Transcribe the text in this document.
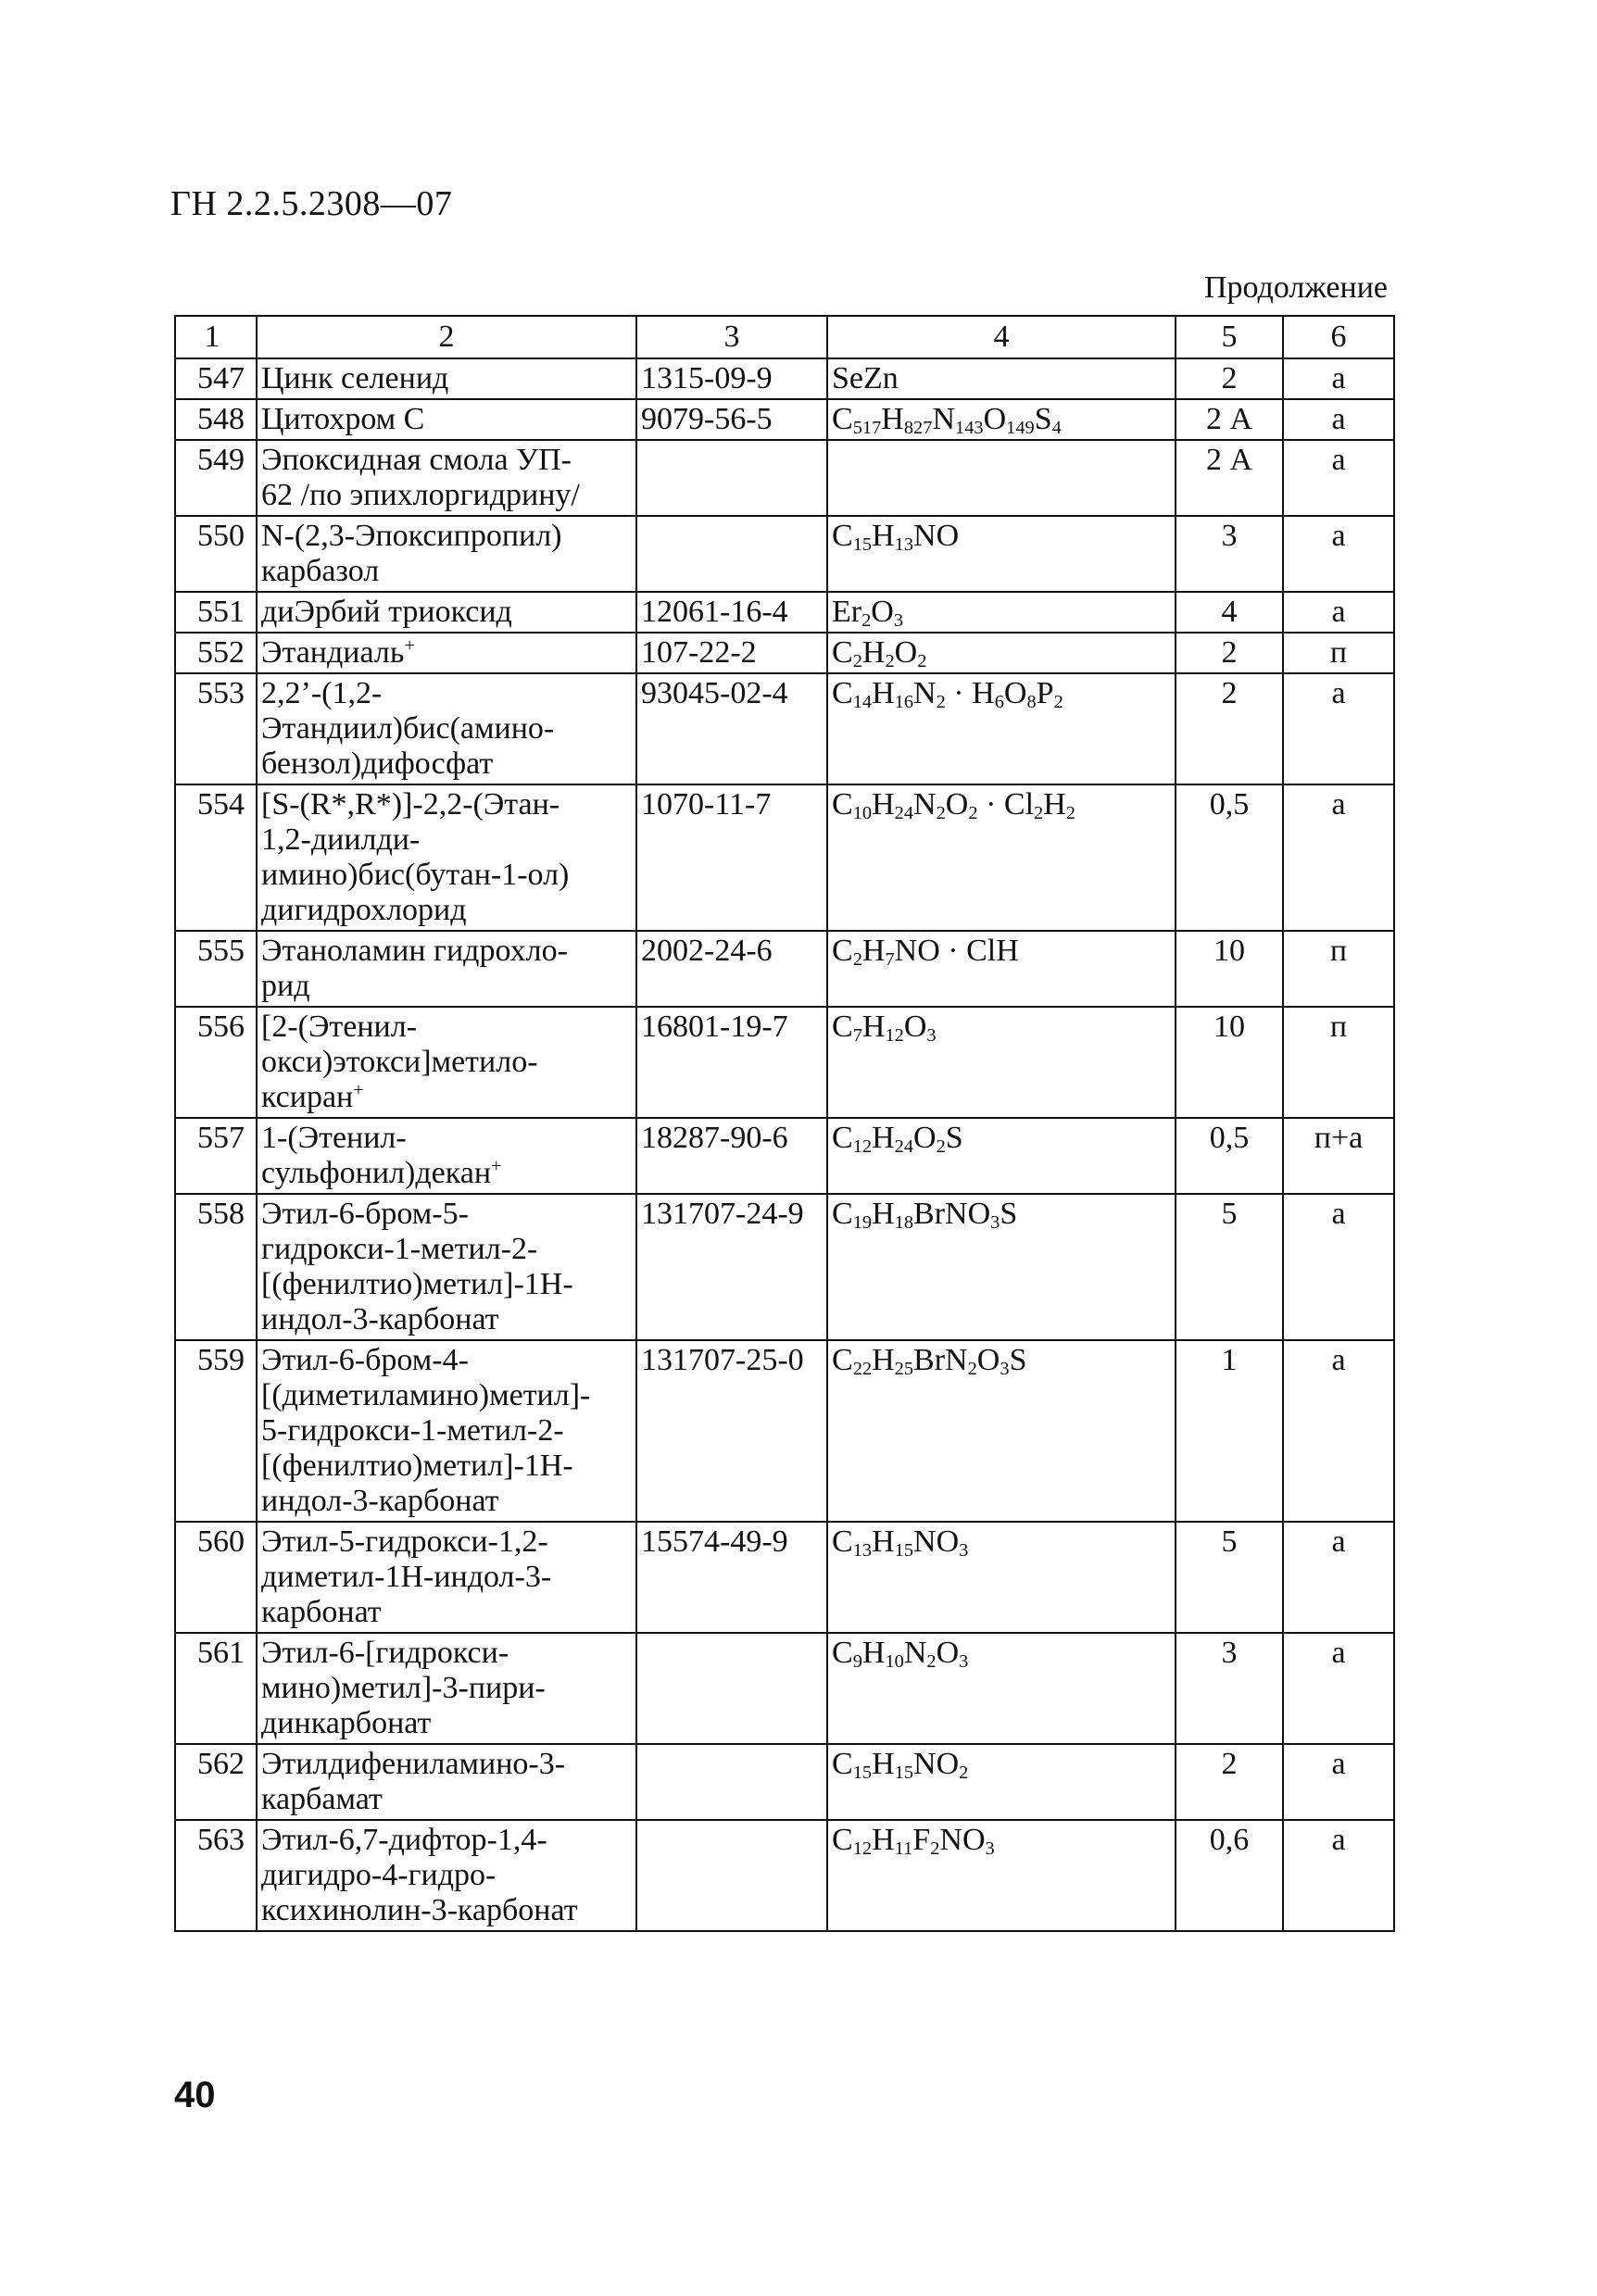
ГН 2.2.5.2308—07
Продолжение
1	2	3	4	5	6
547	Цинк селенид	1315-09-9	SeZn	2	а
548	Цитохром С	9079-56-5	$C_{517}H_{827}N_{143}O_{149}S_4$	2 А	а
549	Эпоксидная смола УП-
62 /по эпихлоргидрину/			2 А	а
550	N-(2,3-Эпоксипропил)
карбазол		$C_{15}H_{13}NO$	3	а
551	диЭрбий триоксид	12061-16-4	$Er_2O_3$	4	а
552	Этандиаль+	107-22-2	$C_2H_2O_2$	2	п
553	2,2’-(1,2-
Этандиил)бис(амино-
бензол)дифосфат	93045-02-4	$C_{14}H_{16}N_2 \cdot H_6O_8P_2$	2	а
554	[S-(R*,R*)]-2,2-(Этан-
1,2-диилди-
имино)бис(бутан-1-ол)
дигидрохлорид	1070-11-7	$C_{10}H_{24}N_2O_2 \cdot Cl_2H_2$	0,5	а
555	Этаноламин гидрохло-
рид	2002-24-6	$C_2H_7NO$ · ClH	10	п
556	[2-(Этенил-
окси)этокси]метило-
ксиран+	16801-19-7	$C_7H_{12}O_3$	10	п
557	1-(Этенил-
сульфонил)декан+	18287-90-6	$C_{12}H_{24}O_2S$	0,5	п+а
558	Этил-6-бром-5-
гидрокси-1-метил-2-
[(фенилтио)метил]-1Н-
индол-3-карбонат	131707-24-9	$C_{19}H_{18}BrNO_3S$	5	а
559	Этил-6-бром-4-
[(диметиламино)метил]-
5-гидрокси-1-метил-2-
[(фенилтио)метил]-1Н-
индол-3-карбонат	131707-25-0	$C_{22}H_{25}BrN_2O_3S$	1	а
560	Этил-5-гидрокси-1,2-
диметил-1Н-индол-3-
карбонат	15574-49-9	$C_{13}H_{15}NO_3$	5	а
561	Этил-6-[гидрокси-
мино)метил]-3-пири-
динкарбонат		$C_9H_{10}N_2O_3$	3	а
562	Этилдифениламино-3-
карбамат		$C_{15}H_{15}NO_2$	2	а
563	Этил-6,7-дифтор-1,4-
дигидро-4-гидро-
ксихинолин-3-карбонат		$C_{12}H_{11}F_2NO_3$	0,6	а
40
